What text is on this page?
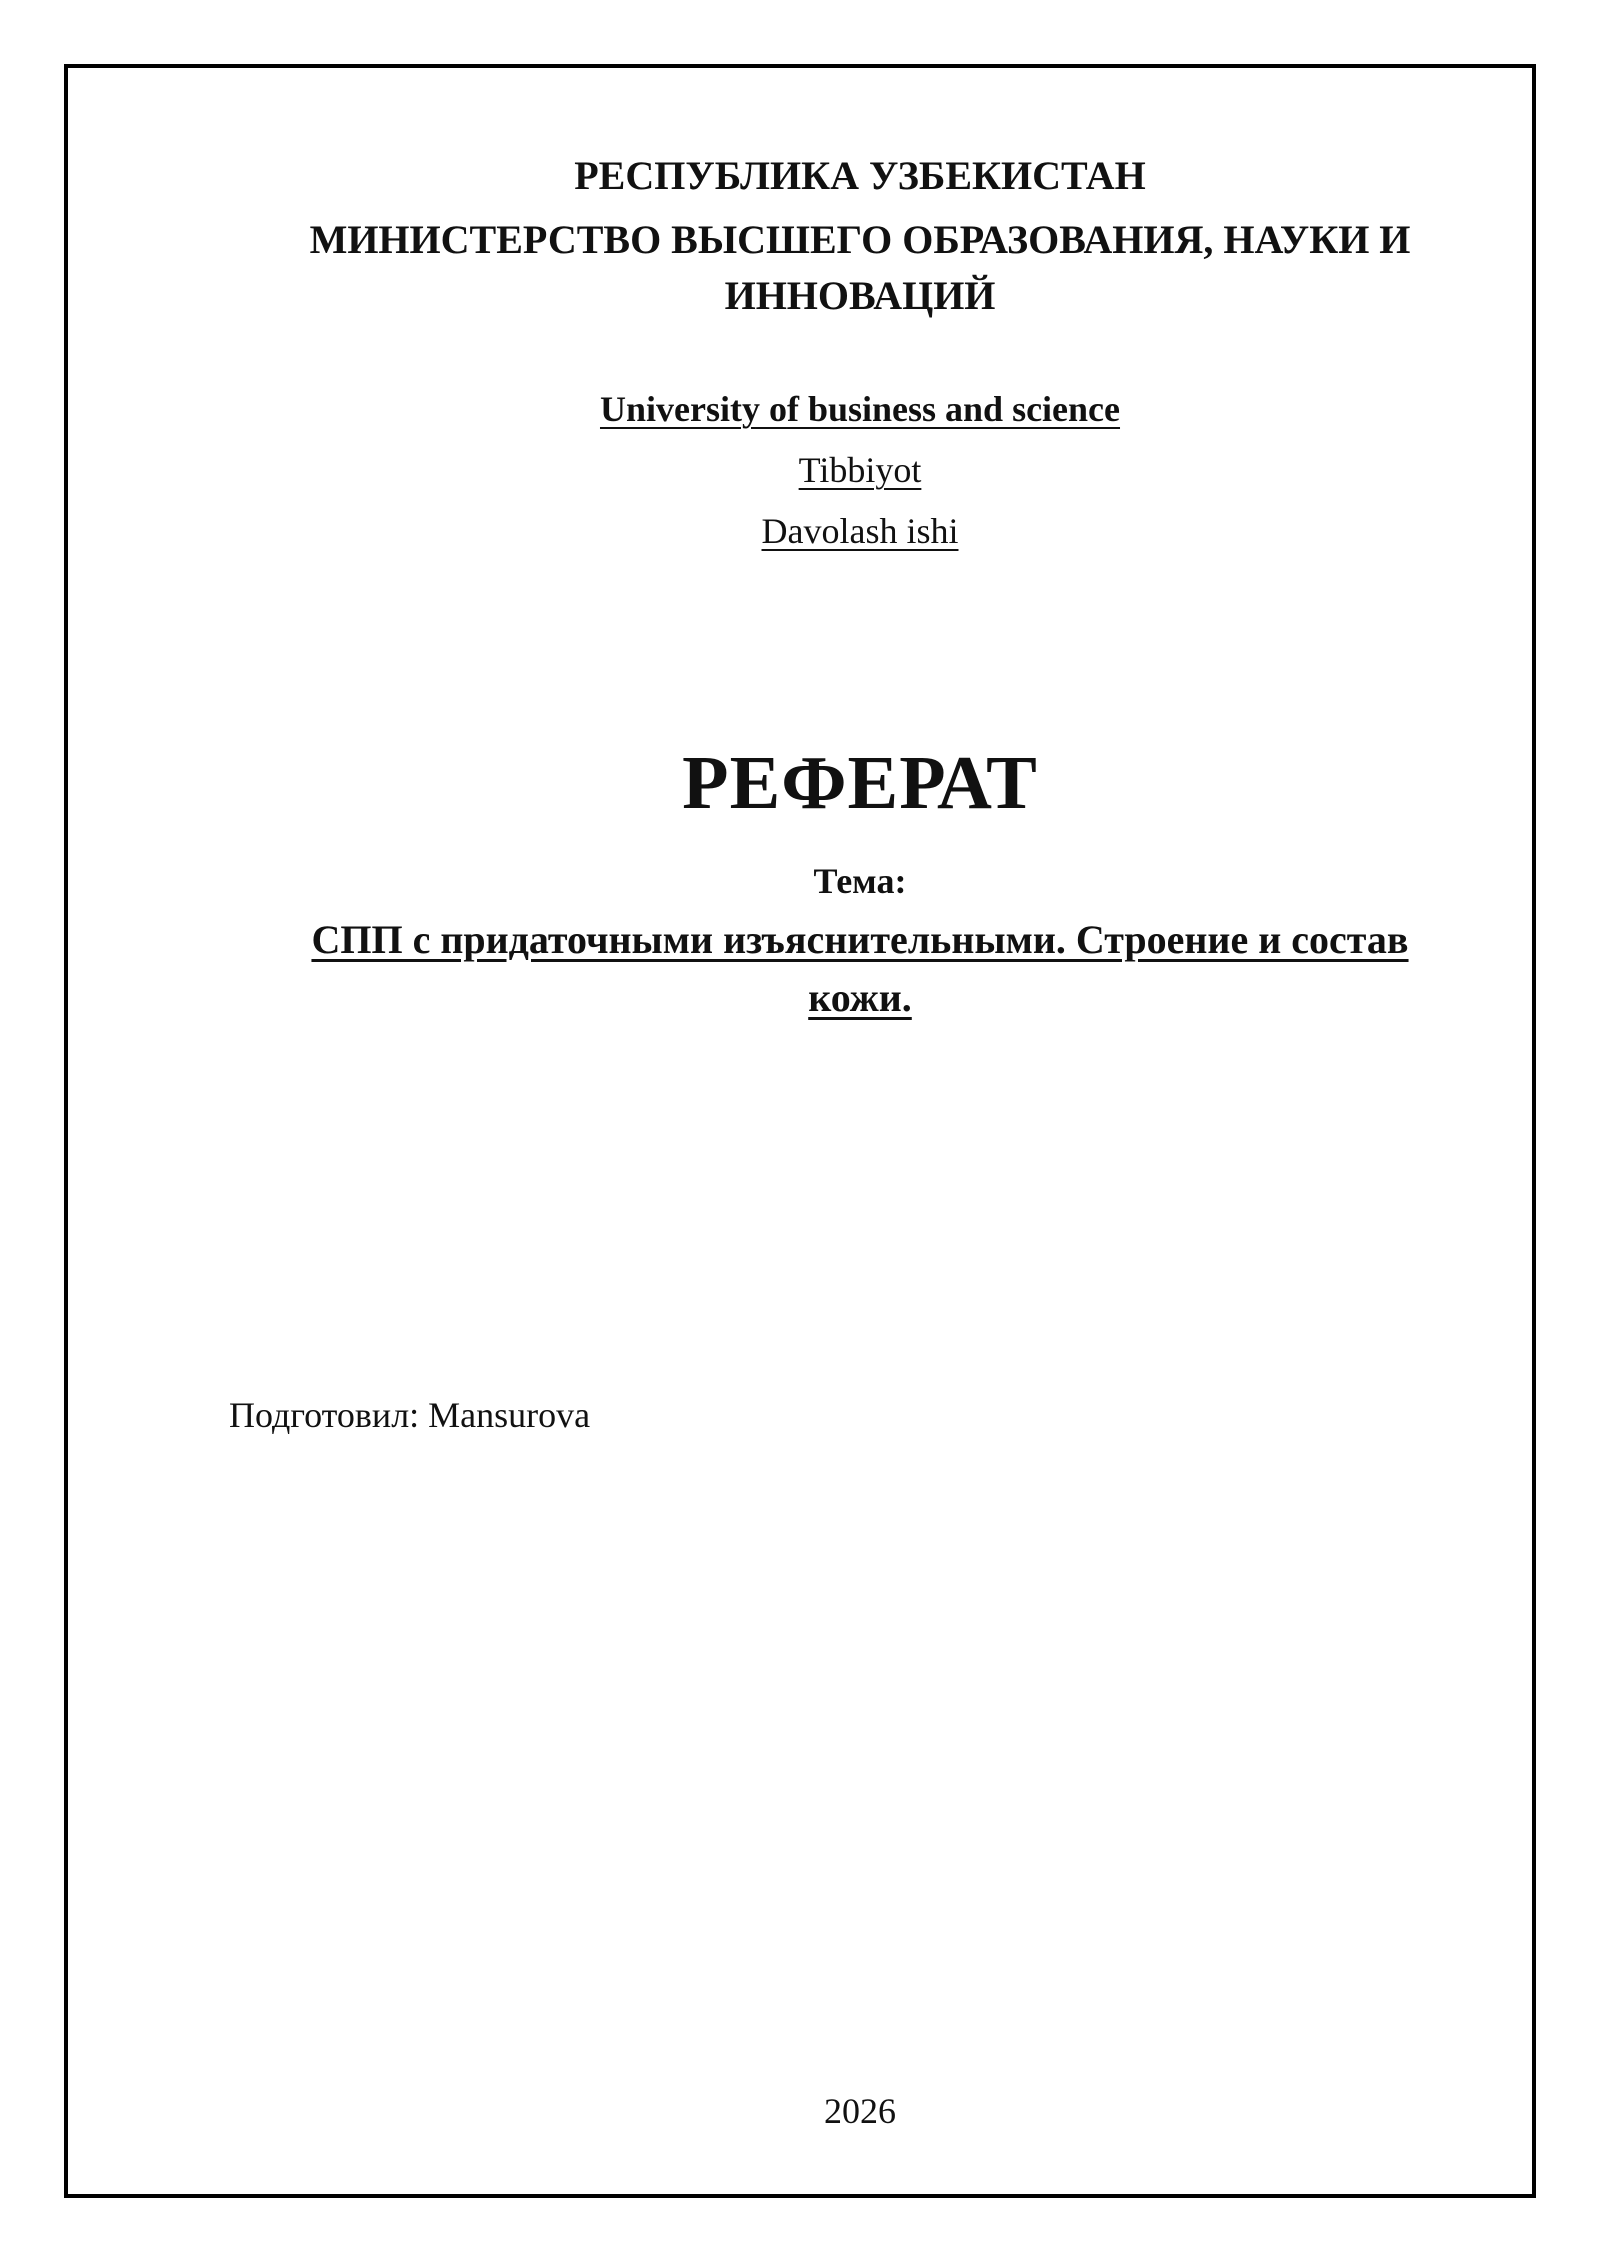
РЕСПУБЛИКА УЗБЕКИСТАН
МИНИСТЕРСТВО ВЫСШЕГО ОБРАЗОВАНИЯ, НАУКИ И
ИННОВАЦИЙ
University of business and science
Tibbiyot
Davolash ishi
РЕФЕРАТ
Тема:
СПП с придаточными изъяснительными. Строение и состав
кожи.
Подготовил: Mansurova
2026
